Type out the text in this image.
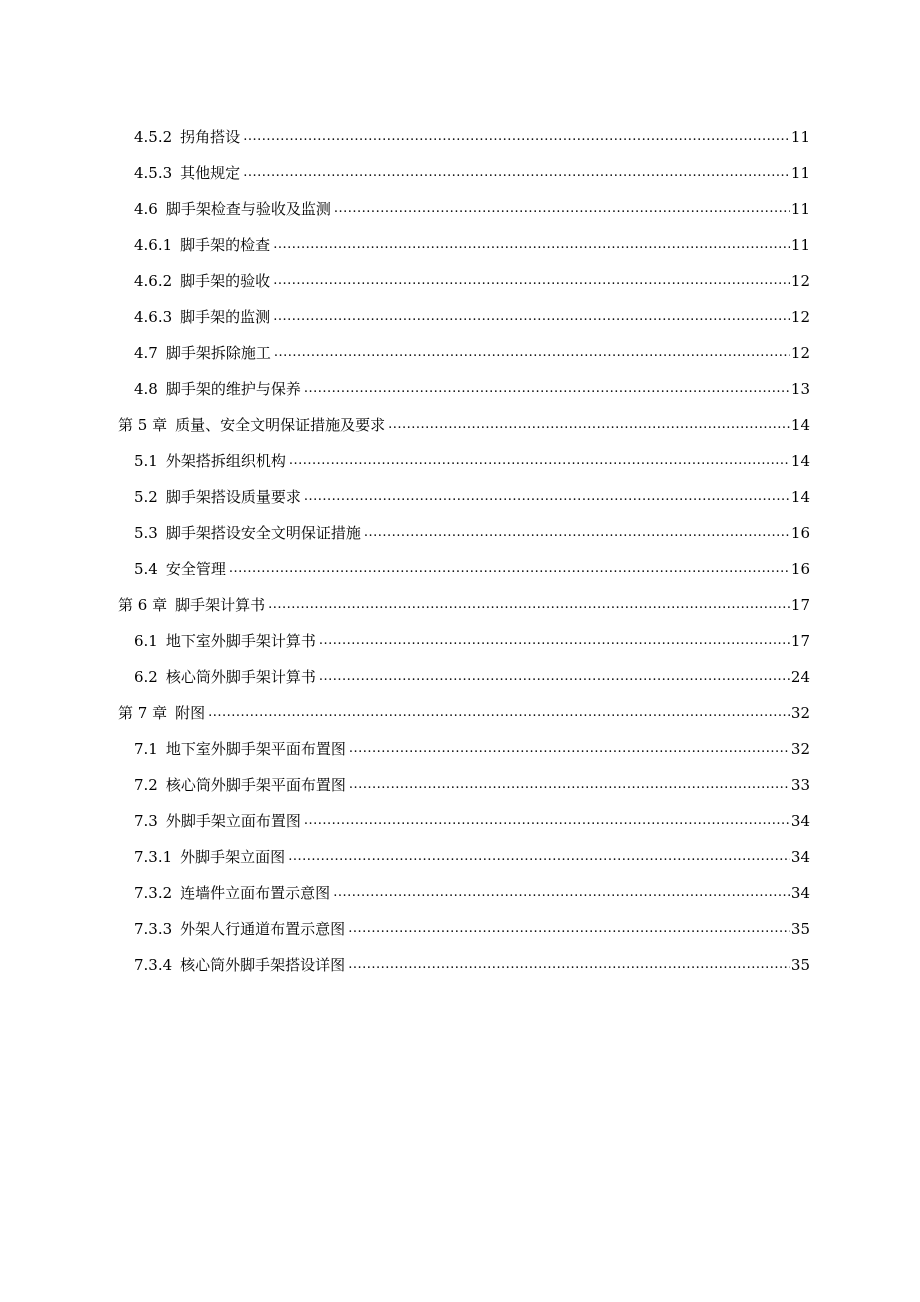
4.5.2 拐角搭设 .....	11
4.5.3 其他规定 .....	11
4.6 脚手架检查与验收及监测 .....	11
4.6.1 脚手架的检查 .....	11
4.6.2 脚手架的验收 .....	12
4.6.3 脚手架的监测 .....	12
4.7 脚手架拆除施工 .....	12
4.8 脚手架的维护与保养 .....	13
第 5 章 质量、安全文明保证措施及要求 .....	14
5.1 外架搭拆组织机构 .....	14
5.2 脚手架搭设质量要求 .....	14
5.3 脚手架搭设安全文明保证措施 .....	16
5.4 安全管理 .....	16
第 6 章 脚手架计算书 .....	17
6.1 地下室外脚手架计算书 .....	17
6.2 核心筒外脚手架计算书 .....	24
第 7 章 附图 .....	32
7.1 地下室外脚手架平面布置图 .....	32
7.2 核心筒外脚手架平面布置图 .....	33
7.3 外脚手架立面布置图 .....	34
7.3.1 外脚手架立面图 .....	34
7.3.2 连墙件立面布置示意图 .....	34
7.3.3 外架人行通道布置示意图 .....	35
7.3.4 核心筒外脚手架搭设详图 .....	35
